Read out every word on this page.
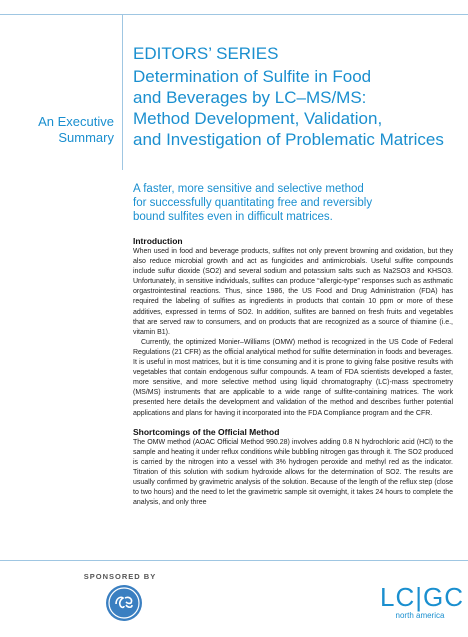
An Executive Summary

EDITORS’ SERIES

Determination of Sulfite in Food
and Beverages by LC–MS/MS:
Method Development, Validation,
and Investigation of Problematic Matrices

A faster, more sensitive and selective method
for successfully quantitating free and reversibly
bound sulfites even in difficult matrices.

Introduction

When used in food and beverage products, sulfites not only prevent browning and oxidation, but they also reduce microbial growth and act as fungicides and antimicrobials. Useful sulfite compounds include sulfur dioxide (SO2) and several sodium and potassium salts such as Na2SO3 and KHSO3. Unfortunately, in sensitive individuals, sulfites can produce “allergic-type” responses such as asthmatic orgastrointestinal reactions. Thus, since 1986, the US Food and Drug Administration (FDA) has required the labeling of sulfites as ingredients in products that contain 10 ppm or more of these additives, expressed in terms of SO2. In addition, sulfites are banned on fresh fruits and vegetables that are served raw to consumers, and on products that are recognized as a source of thiamine (i.e., vitamin B1).

Currently, the optimized Monier–Williams (OMW) method is recognized in the US Code of Federal Regulations (21 CFR) as the official analytical method for sulfite determination in foods and beverages. It is useful in most matrices, but it is time consuming and it is prone to giving false positive results with vegetables that contain endogenous sulfur compounds. A team of FDA scientists developed a faster, more sensitive, and more selective method using liquid chromatography (LC)-mass spectrometry (MS/MS) instruments that are applicable to a wide range of sulfite-containing matrices. The work presented here details the development and validation of the method and describes further potential applications and plans for having it incorporated into the FDA Compliance program and the CFR.

Shortcomings of the Official Method

The OMW method (AOAC Official Method 990.28) involves adding 0.8 N hydrochloric acid (HCl) to the sample and heating it under reflux conditions while bubbling nitrogen gas through it. The SO2 produced is carried by the nitrogen into a vessel with 3% hydrogen peroxide and methyl red as the indicator. Titration of this solution with sodium hydroxide allows for the determination of SO2. The results are usually confirmed by gravimetric analysis of the solution. Because of the length of the reflux step (close to two hours) and the need to let the gravimetric sample sit overnight, it takes 24 hours to complete the analysis, and only three

SPONSORED BY
LC|GC
north america
